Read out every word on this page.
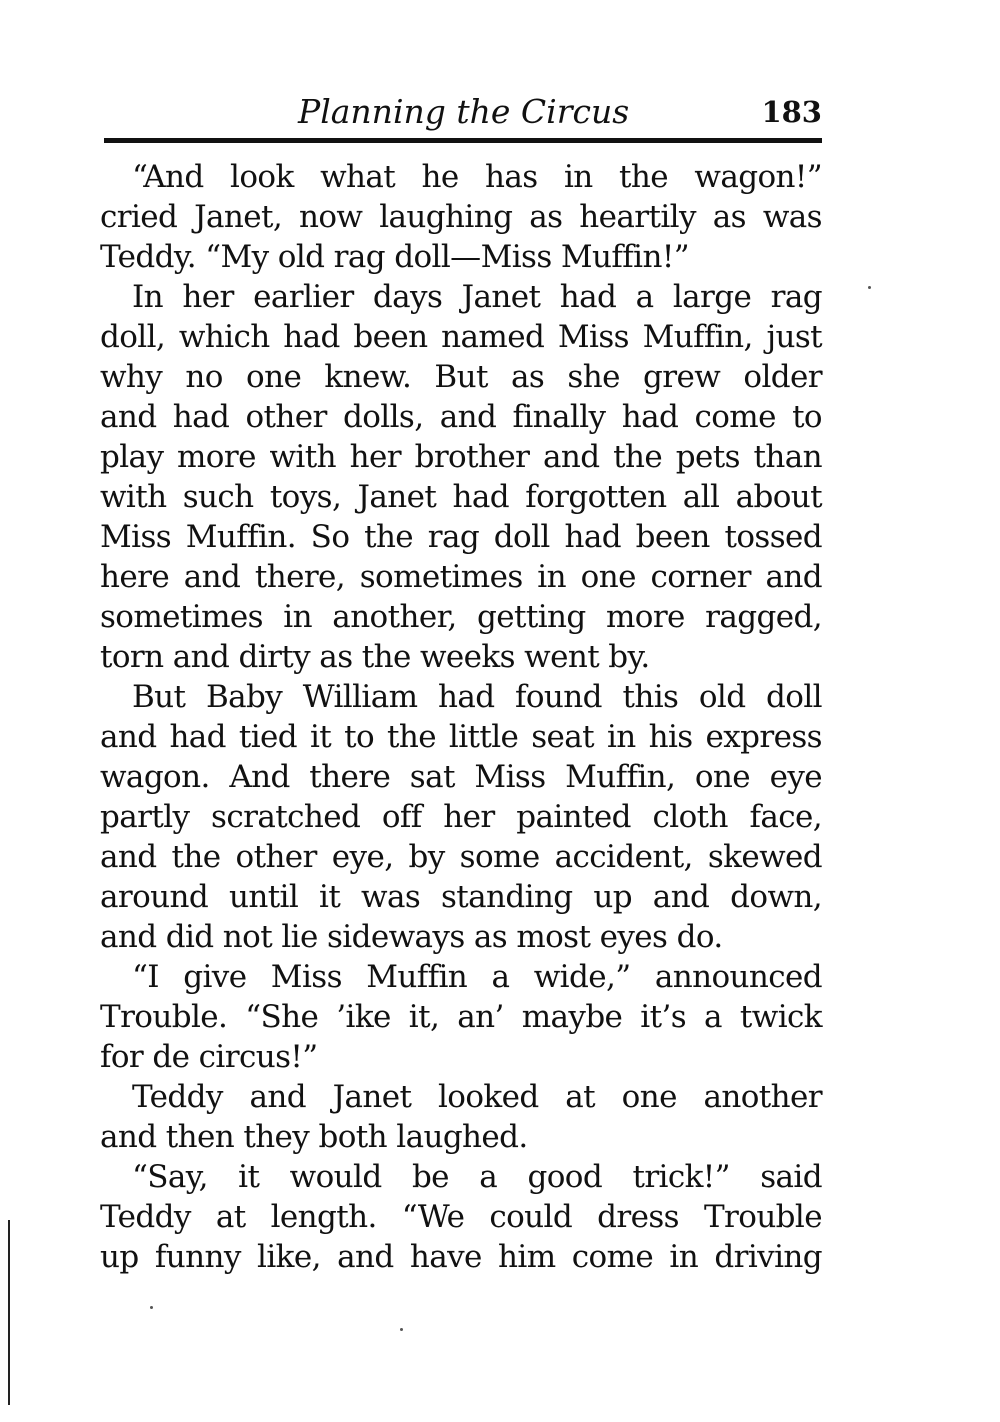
Planning the Circus	183
“And look what he has in the wagon!”
cried Janet, now laughing as heartily as was
Teddy. “My old rag doll—Miss Muffin!”
In her earlier days Janet had a large rag
doll, which had been named Miss Muffin, just
why no one knew. But as she grew older
and had other dolls, and finally had come to
play more with her brother and the pets than
with such toys, Janet had forgotten all about
Miss Muffin. So the rag doll had been tossed
here and there, sometimes in one corner and
sometimes in another, getting more ragged,
torn and dirty as the weeks went by.
But Baby William had found this old doll
and had tied it to the little seat in his express
wagon. And there sat Miss Muffin, one eye
partly scratched off her painted cloth face,
and the other eye, by some accident, skewed
around until it was standing up and down,
and did not lie sideways as most eyes do.
“I give Miss Muffin a wide,” announced
Trouble. “She ’ike it, an’ maybe it’s a twick
for de circus!”
Teddy and Janet looked at one another
and then they both laughed.
“Say, it would be a good trick!” said
Teddy at length. “We could dress Trouble
up funny like, and have him come in driving
